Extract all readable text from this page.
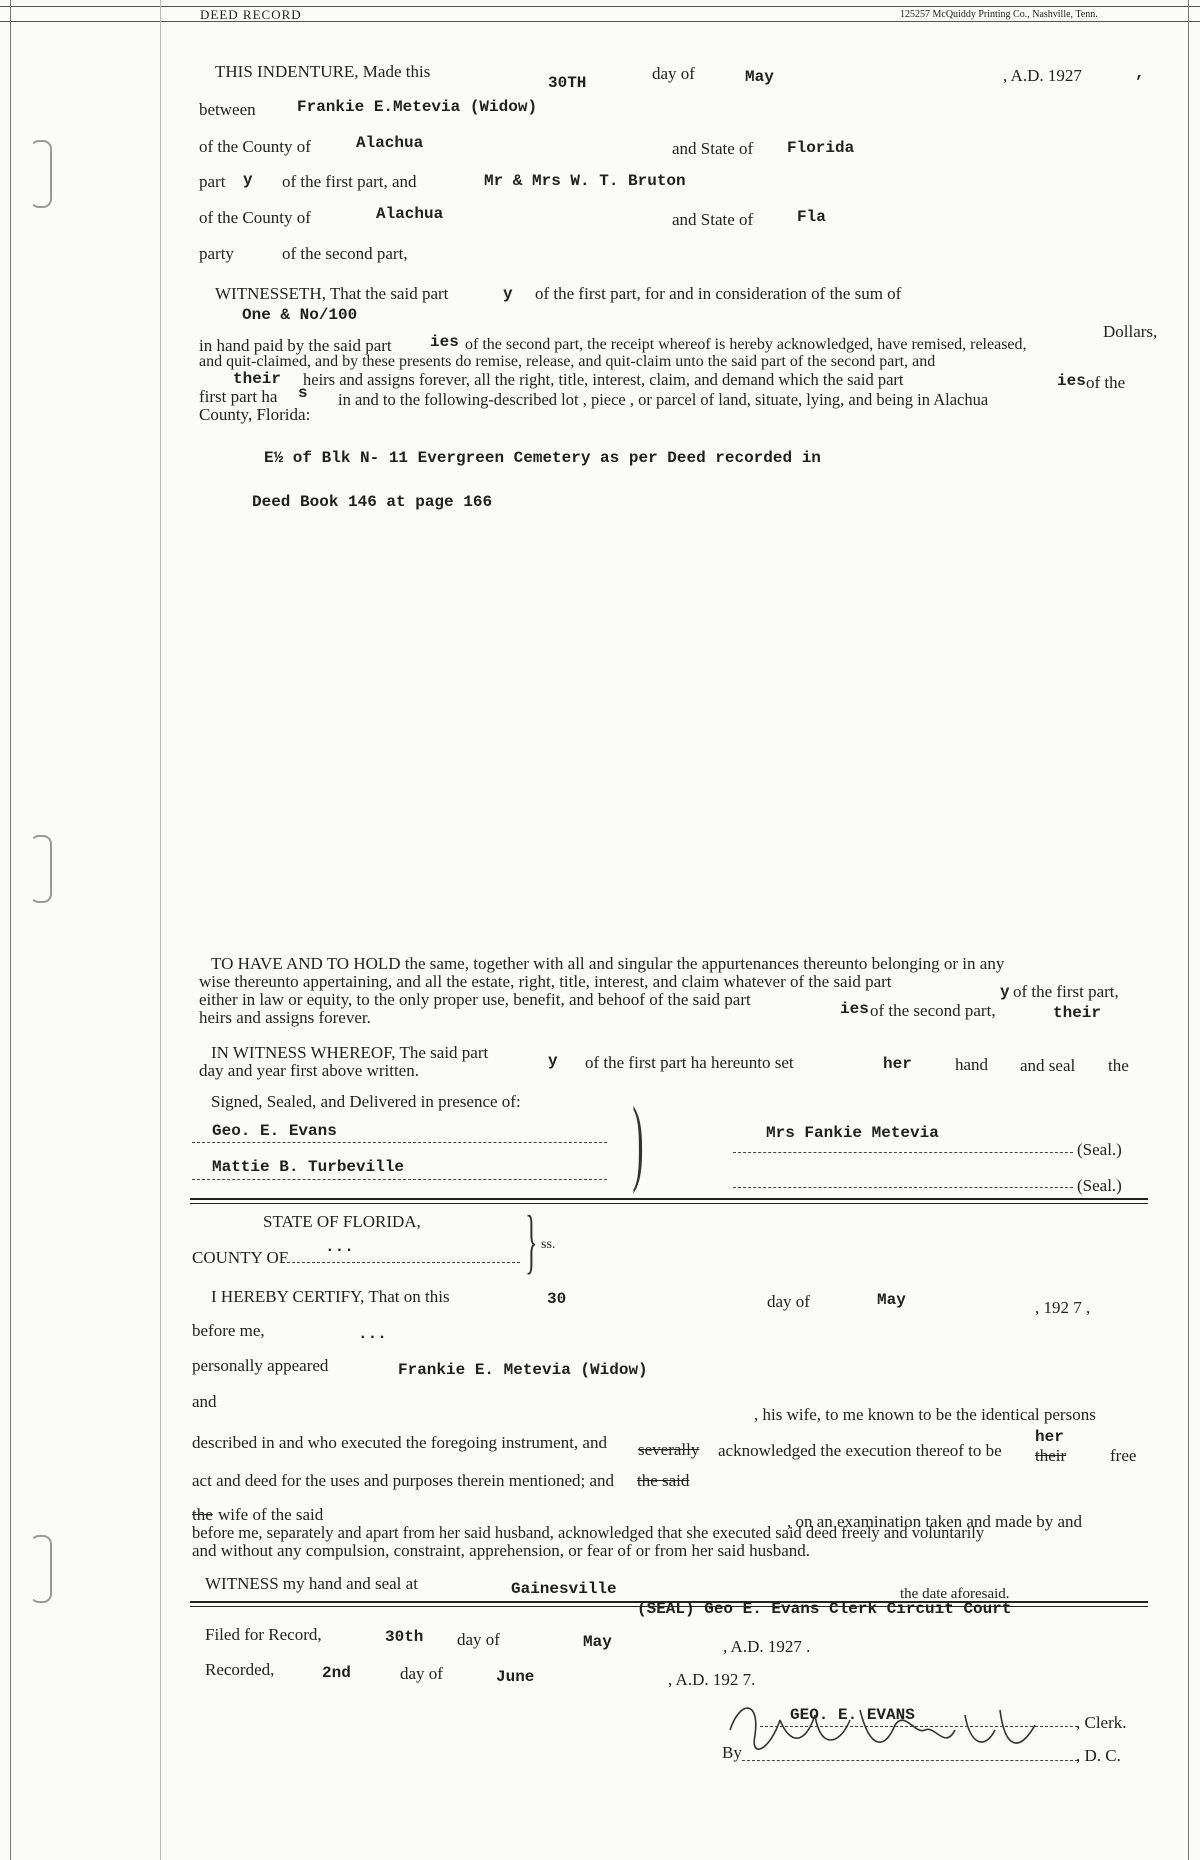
DEED RECORD	125257 McQuiddy Printing Co., Nashville, Tenn.
THIS INDENTURE, Made this
30TH	day of	May	, A.D. 1927	,
between	Frankie E.Metevia (Widow)
of the County of	Alachua	and State of Florida
part y of the first part, and	Mr & Mrs W. T. Bruton
of the County of	Alachua	and State of	Fla
party	of the second part,
WITNESSETH, That the said part	y of the first part, for and in consideration of the sum of
One & No/100
Dollars,
in hand paid by the said part ies of the second part, the receipt whereof is hereby acknowledged, have remised, released,
and quit-claimed, and by these presents do remise, release, and quit-claim unto the said part of the second part, and
their heirs and assigns forever, all the right, title, interest, claim, and demand which the said part	ies of the
first part ha s in and to the following-described lot , piece , or parcel of land, situate, lying, and being in Alachua
County, Florida:
E½ of Blk N- 11 Evergreen Cemetery as per Deed recorded in
Deed Book 146 at page 166
TO HAVE AND TO HOLD the same, together with all and singular the appurtenances thereunto belonging or in any
wise thereunto appertaining, and all the estate, right, title, interest, and claim whatever of the said part
y of the first part,
either in law or equity, to the only proper use, benefit, and behoof of the said part	ies of the second part,	their
heirs and assigns forever.
IN WITNESS WHEREOF, The said part	y of the first part ha hereunto set	her	hand and seal the
day and year first above written.
Signed, Sealed, and Delivered in presence of:
Geo. E. Evans
Mattie B. Turbeville )	Mrs Fankie Metevia
(Seal.)
(Seal.)
STATE OF FLORIDA,
COUNTY OF
... } ss.
I HEREBY CERTIFY, That on this	30	day of	May	, 192 7 ,
before me,	...
personally appeared	Frankie E. Metevia (Widow)
and
, his wife, to me known to be the identical persons
described in and who executed the foregoing instrument, and severally acknowledged the execution thereof to be
her
their	free
act and deed for the uses and purposes therein mentioned; and the said
the wife of the said	, on an examination taken and made by and
before me, separately and apart from her said husband, acknowledged that she executed said deed freely and voluntarily
and without any compulsion, constraint, apprehension, or fear of or from her said husband.
WITNESS my hand and seal at	Gainesville	the date aforesaid.
(SEAL) Geo E. Evans Clerk Circuit Court
Filed for Record,	30th day of	May	, A.D. 1927 .
Recorded,	2nd	day of	June	, A.D. 192 7.
GEO. E. EVANS	, Clerk.
By	, D. C.
